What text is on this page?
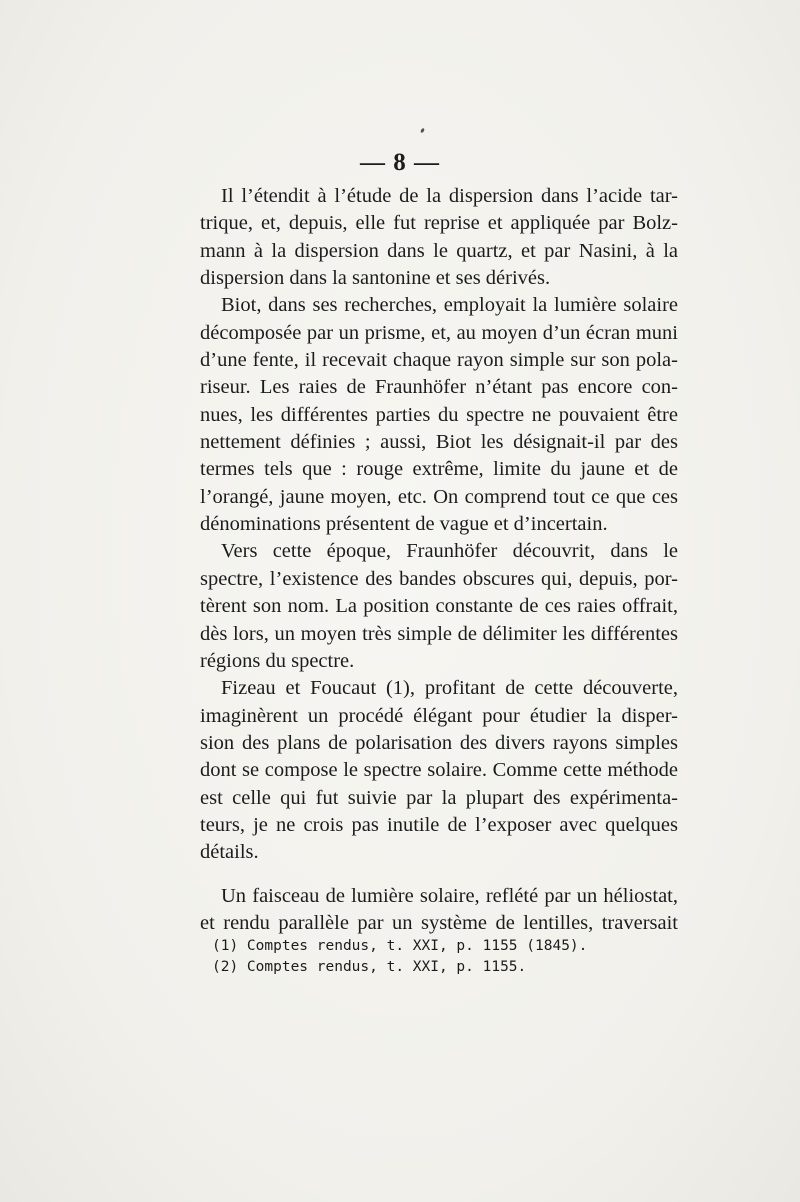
— 8 —
Il l’étendit à l’étude de la dispersion dans l’acide tar-
trique, et, depuis, elle fut reprise et appliquée par Bolz-
mann à la dispersion dans le quartz, et par Nasini, à la
dispersion dans la santonine et ses dérivés.
Biot, dans ses recherches, employait la lumière solaire
décomposée par un prisme, et, au moyen d’un écran muni
d’une fente, il recevait chaque rayon simple sur son pola-
riseur. Les raies de Fraunhöfer n’étant pas encore con-
nues, les différentes parties du spectre ne pouvaient être
nettement définies ; aussi, Biot les désignait-il par des
termes tels que : rouge extrême, limite du jaune et de
l’orangé, jaune moyen, etc. On comprend tout ce que ces
dénominations présentent de vague et d’incertain.
Vers cette époque, Fraunhöfer découvrit, dans le
spectre, l’existence des bandes obscures qui, depuis, por-
tèrent son nom. La position constante de ces raies offrait,
dès lors, un moyen très simple de délimiter les différentes
régions du spectre.
Fizeau et Foucaut (1), profitant de cette découverte,
imaginèrent un procédé élégant pour étudier la disper-
sion des plans de polarisation des divers rayons simples
dont se compose le spectre solaire. Comme cette méthode
est celle qui fut suivie par la plupart des expérimenta-
teurs, je ne crois pas inutile de l’exposer avec quelques
détails.
Un faisceau de lumière solaire, reflété par un héliostat,
et rendu parallèle par un système de lentilles, traversait
(1) Comptes rendus, t. XXI, p. 1155 (1845).
(2) Comptes rendus, t. XXI, p. 1155.
